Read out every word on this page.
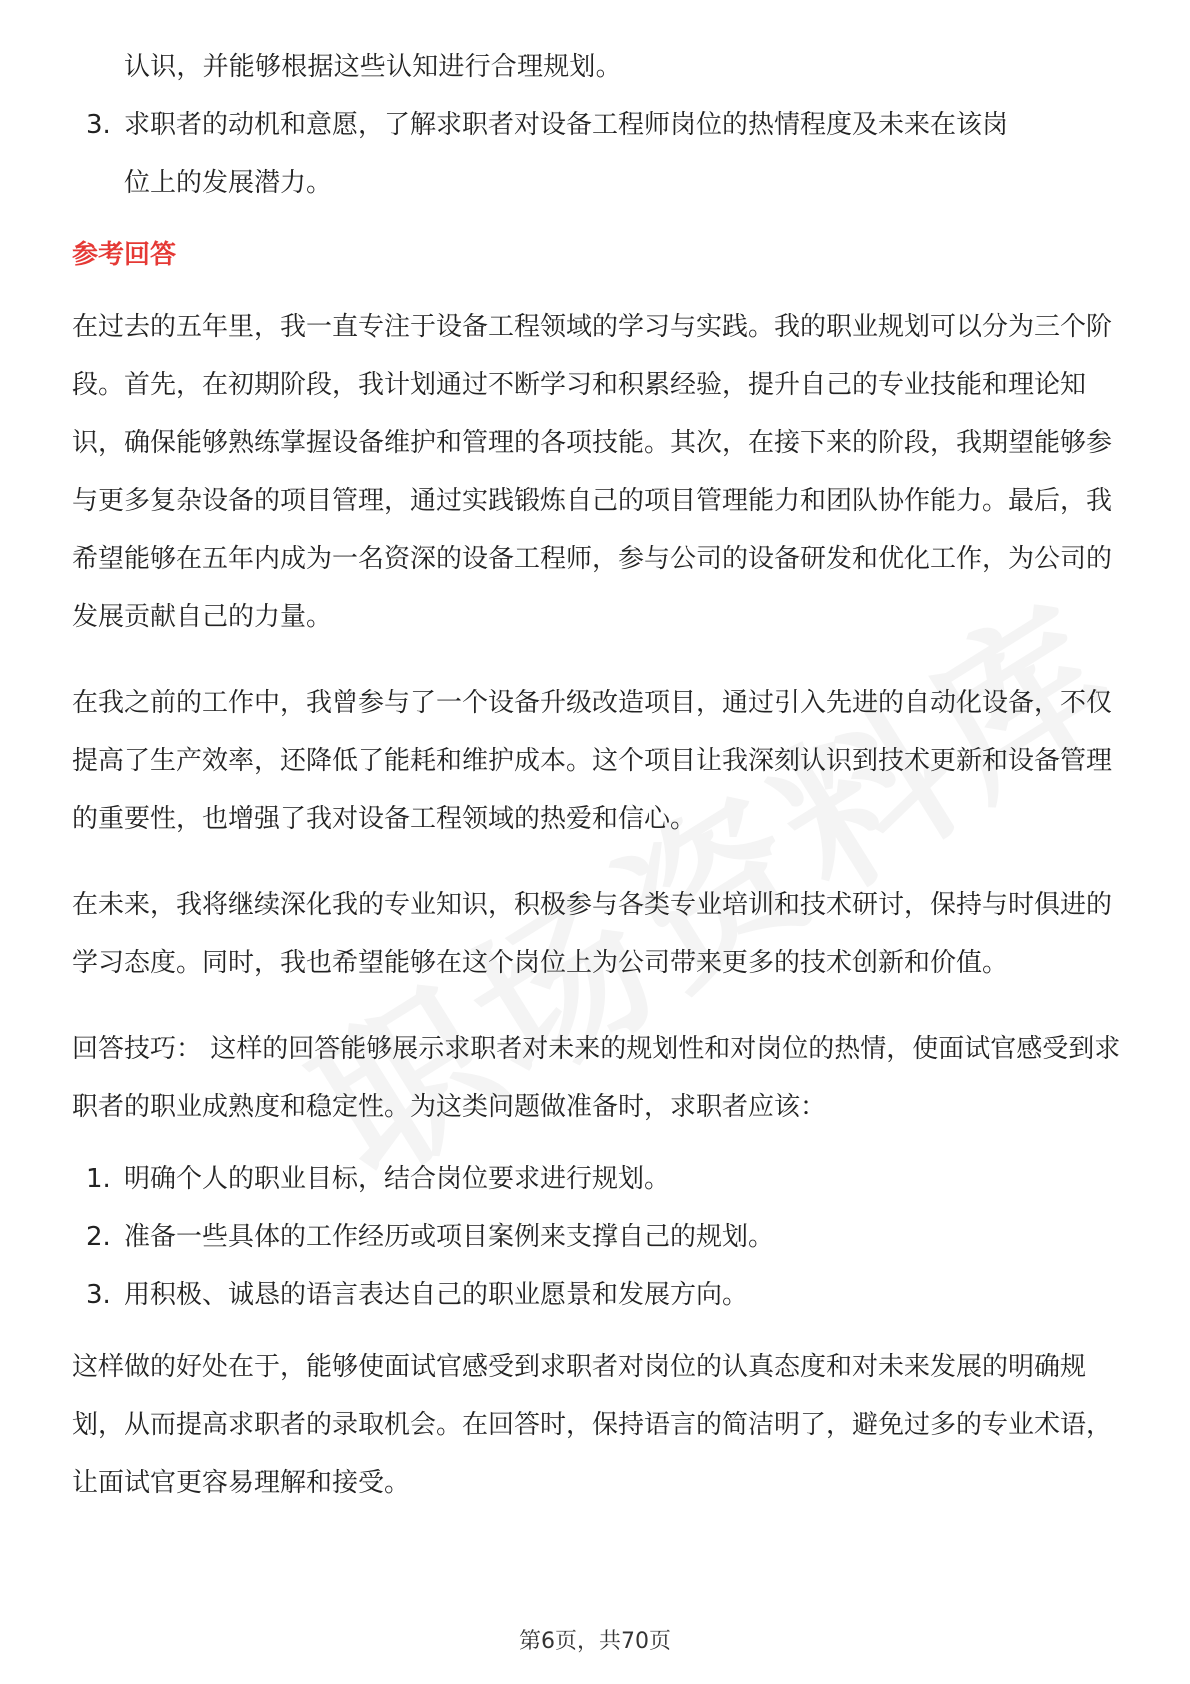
认识，并能够根据这些认知进行合理规划。

3. 求职者的动机和意愿，了解求职者对设备工程师岗位的热情程度及未来在该岗
位上的发展潜力。
参考回答

在过去的五年里，我一直专注于设备工程领域的学习与实践。我的职业规划可以分为三个阶段。首先，在初期阶段，我计划通过不断学习和积累经验，提升自己的专业技能和理论知识，确保能够熟练掌握设备维护和管理的各项技能。其次，在接下来的阶段，我期望能够参与更多复杂设备的项目管理，通过实践锻炼自己的项目管理能力和团队协作能力。最后，我希望能够在五年内成为一名资深的设备工程师，参与公司的设备研发和优化工作，为公司的发展贡献自己的力量。

在我之前的工作中，我曾参与了一个设备升级改造项目，通过引入先进的自动化设备，不仅提高了生产效率，还降低了能耗和维护成本。这个项目让我深刻认识到技术更新和设备管理的重要性，也增强了我对设备工程领域的热爱和信心。

在未来，我将继续深化我的专业知识，积极参与各类专业培训和技术研讨，保持与时俱进的学习态度。同时，我也希望能够在这个岗位上为公司带来更多的技术创新和价值。

回答技巧： 这样的回答能够展示求职者对未来的规划性和对岗位的热情，使面试官感受到求职者的职业成熟度和稳定性。为这类问题做准备时，求职者应该：

1. 明确个人的职业目标，结合岗位要求进行规划。
2. 准备一些具体的工作经历或项目案例来支撑自己的规划。
3. 用积极、诚恳的语言表达自己的职业愿景和发展方向。

这样做的好处在于，能够使面试官感受到求职者对岗位的认真态度和对未来发展的明确规划，从而提高求职者的录取机会。在回答时，保持语言的简洁明了，避免过多的专业术语，让面试官更容易理解和接受。

第6页，共70页
